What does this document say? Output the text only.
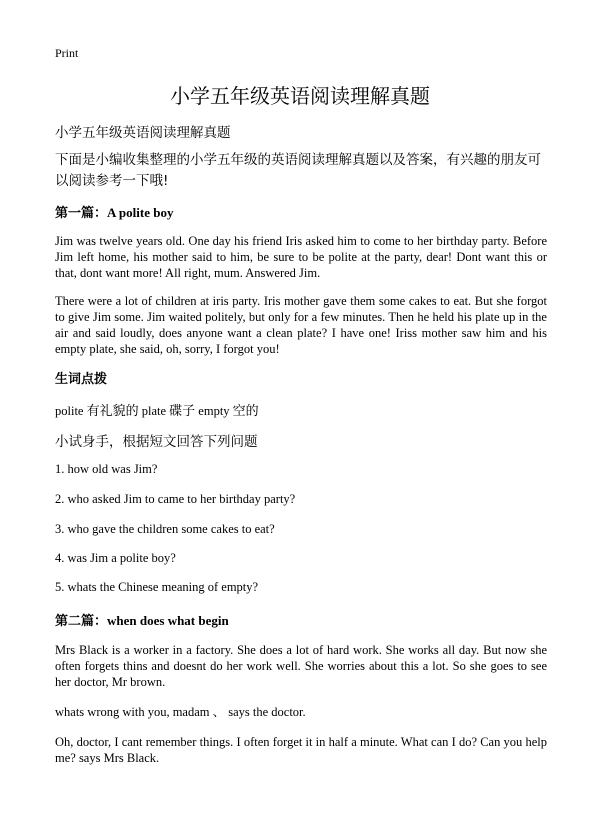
Print
小学五年级英语阅读理解真题
小学五年级英语阅读理解真题
下面是小编收集整理的小学五年级的英语阅读理解真题以及答案，有兴趣的朋友可以阅读参考一下哦!
第一篇：A polite boy
Jim was twelve years old. One day his friend Iris asked him to come to her birthday party. Before Jim left home, his mother said to him, be sure to be polite at the party, dear! Dont want this or that, dont want more! All right, mum. Answered Jim.
There were a lot of children at iris party. Iris mother gave them some cakes to eat. But she forgot to give Jim some. Jim waited politely, but only for a few minutes. Then he held his plate up in the air and said loudly, does anyone want a clean plate? I have one! Iriss mother saw him and his empty plate, she said, oh, sorry, I forgot you!
生词点拨
polite 有礼貌的 plate 碟子 empty 空的
小试身手，根据短文回答下列问题
1. how old was Jim?
2. who asked Jim to came to her birthday party?
3. who gave the children some cakes to eat?
4. was Jim a polite boy?
5. whats the Chinese meaning of empty?
第二篇：when does what begin
Mrs Black is a worker in a factory. She does a lot of hard work. She works all day. But now she often forgets thins and doesnt do her work well. She worries about this a lot. So she goes to see her doctor, Mr brown.
whats wrong with you, madam 、 says the doctor.
Oh, doctor, I cant remember things. I often forget it in half a minute. What can I do? Can you help me? says Mrs Black.
